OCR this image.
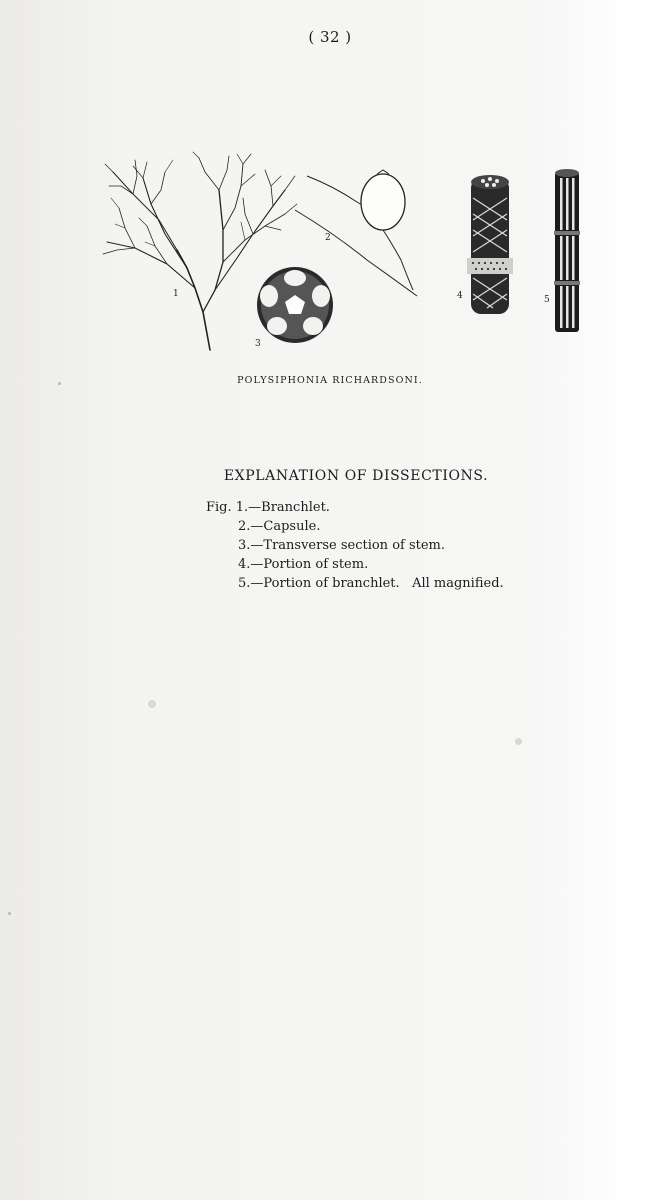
( 32 )
1
2
3
4	5
POLYSIPHONIA RICHARDSONI.
EXPLANATION OF DISSECTIONS.
Fig. 1.—Branchlet.
2.—Capsule.
3.—Transverse section of stem.
4.—Portion of stem.
5.—Portion of branchlet.   All magnified.
